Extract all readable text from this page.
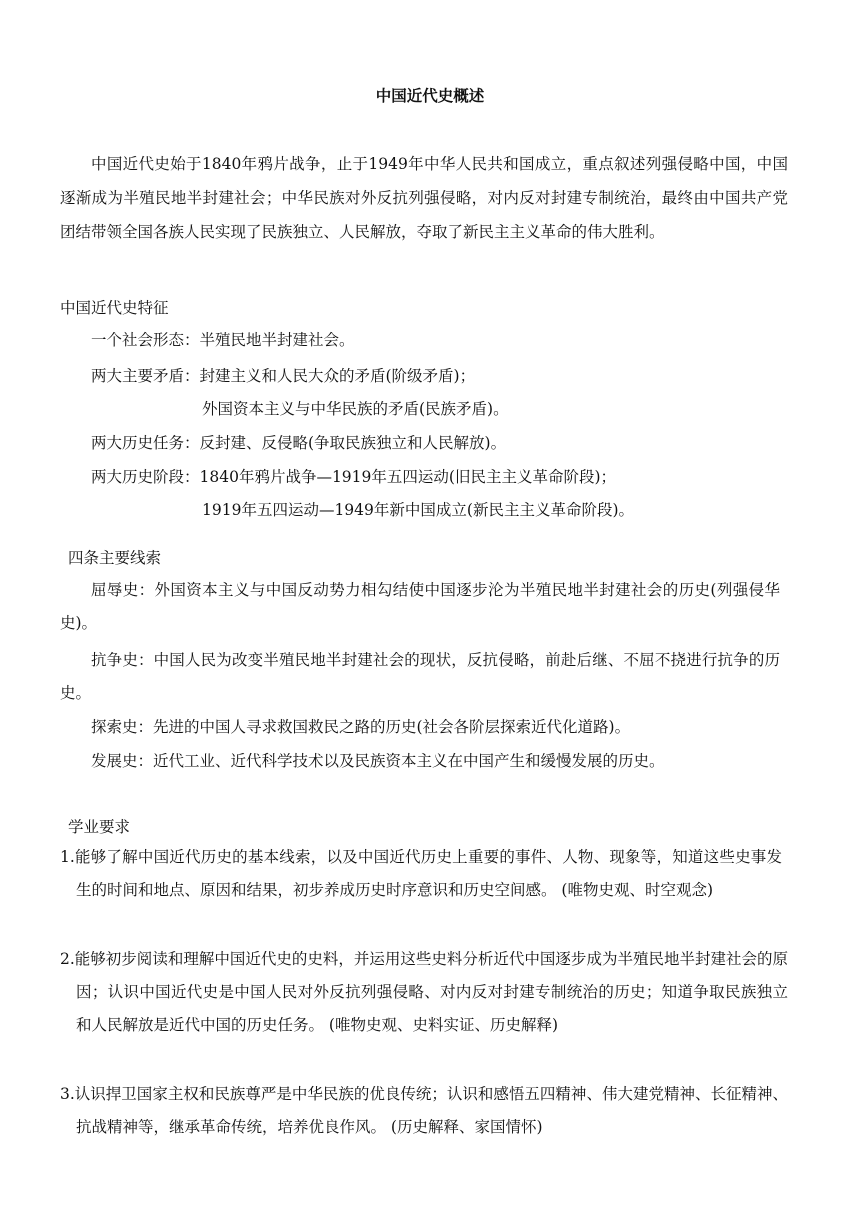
中国近代史概述
中国近代史始于1840年鸦片战争，止于1949年中华人民共和国成立，重点叙述列强侵略中国，中国逐渐成为半殖民地半封建社会；中华民族对外反抗列强侵略，对内反对封建专制统治，最终由中国共产党团结带领全国各族人民实现了民族独立、人民解放，夺取了新民主主义革命的伟大胜利。
中国近代史特征
一个社会形态：半殖民地半封建社会。
两大主要矛盾：封建主义和人民大众的矛盾(阶级矛盾)；
外国资本主义与中华民族的矛盾(民族矛盾)。
两大历史任务：反封建、反侵略(争取民族独立和人民解放)。
两大历史阶段：1840年鸦片战争—1919年五四运动(旧民主主义革命阶段)；
1919年五四运动—1949年新中国成立(新民主主义革命阶段)。
四条主要线索
屈辱史：外国资本主义与中国反动势力相勾结使中国逐步沦为半殖民地半封建社会的历史(列强侵华史)。
抗争史：中国人民为改变半殖民地半封建社会的现状，反抗侵略，前赴后继、不屈不挠进行抗争的历史。
探索史：先进的中国人寻求救国救民之路的历史(社会各阶层探索近代化道路)。
发展史：近代工业、近代科学技术以及民族资本主义在中国产生和缓慢发展的历史。
学业要求
1.能够了解中国近代历史的基本线索，以及中国近代历史上重要的事件、人物、现象等，知道这些史事发生的时间和地点、原因和结果，初步养成历史时序意识和历史空间感。 (唯物史观、时空观念)
2.能够初步阅读和理解中国近代史的史料，并运用这些史料分析近代中国逐步成为半殖民地半封建社会的原因；认识中国近代史是中国人民对外反抗列强侵略、对内反对封建专制统治的历史；知道争取民族独立和人民解放是近代中国的历史任务。 (唯物史观、史料实证、历史解释)
3.认识捍卫国家主权和民族尊严是中华民族的优良传统；认识和感悟五四精神、伟大建党精神、长征精神、抗战精神等，继承革命传统，培养优良作风。 (历史解释、家国情怀)
